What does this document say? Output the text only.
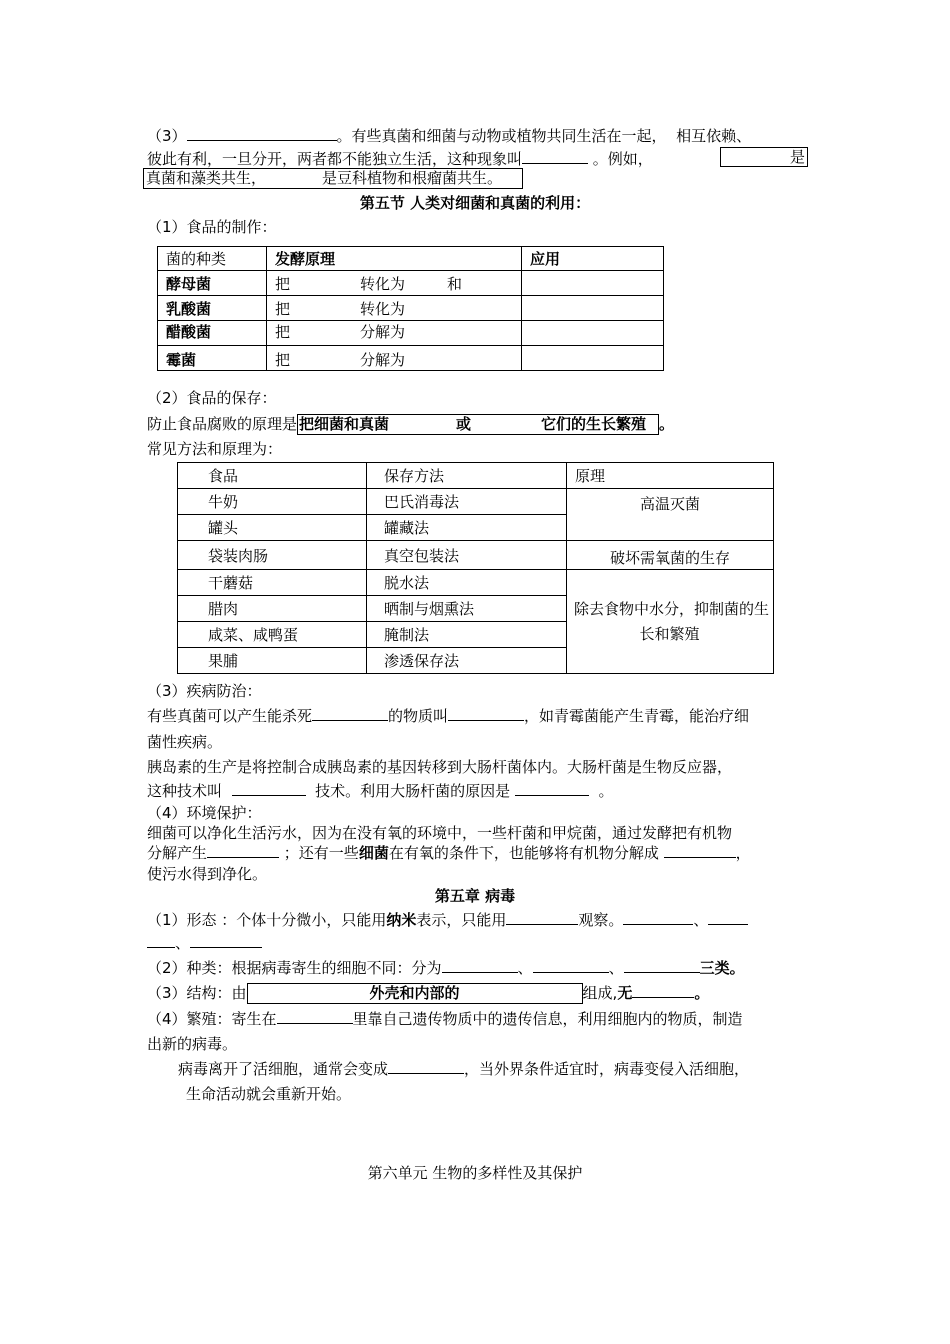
（3）	。有些真菌和细菌与动物或植物共同生活在一起， 相互依赖、
彼此有利，一旦分开，两者都不能独立生活，这种现象叫	。例如，	是
真菌和藻类共生，	是豆科植物和根瘤菌共生。
第五节 人类对细菌和真菌的利用：
（1）食品的制作：
菌的种类	发酵原理	应用
酵母菌	把 转化为 和	
乳酸菌	把 转化为	
醋酸菌	把 分解为	
霉菌	把 分解为	
（2）食品的保存：
防止食品腐败的原理是 把细菌和真菌	或	它们的生长繁殖 。
常见方法和原理为：
食品	保存方法	原理
牛奶	巴氏消毒法	高温灭菌
罐头	罐藏法	
袋装肉肠	真空包装法	破坏需氧菌的生存
干蘑菇	脱水法	除去食物中水分，抑制菌的生
长和繁殖

腊肉	晒制与烟熏法	
咸菜、咸鸭蛋	腌制法	
果脯	渗透保存法	
（3）疾病防治：
有些真菌可以产生能杀死	的物质叫	，如青霉菌能产生青霉，能治疗细
菌性疾病。
胰岛素的生产是将控制合成胰岛素的基因转移到大肠杆菌体内。大肠杆菌是生物反应器，
这种技术叫	技术。利用大肠杆菌的原因是	。
（4）环境保护：
细菌可以净化生活污水，因为在没有氧的环境中，一些杆菌和甲烷菌，通过发酵把有机物
分解产生	；还有一些细菌在有氧的条件下，也能够将有机物分解成	，
使污水得到净化。
第五章 病毒
（1）形态 ：个体十分微小，只能用纳米表示，只能用	观察。	、
、
（2）种类：根据病毒寄生的细胞不同：分为	、	、	三类。
（3）结构：由	外壳和内部的	组成,无	。
（4）繁殖：寄生在	里靠自己遗传物质中的遗传信息，利用细胞内的物质，制造
出新的病毒。
病毒离开了活细胞，通常会变成	，当外界条件适宜时，病毒变侵入活细胞，
生命活动就会重新开始。
第六单元 生物的多样性及其保护
